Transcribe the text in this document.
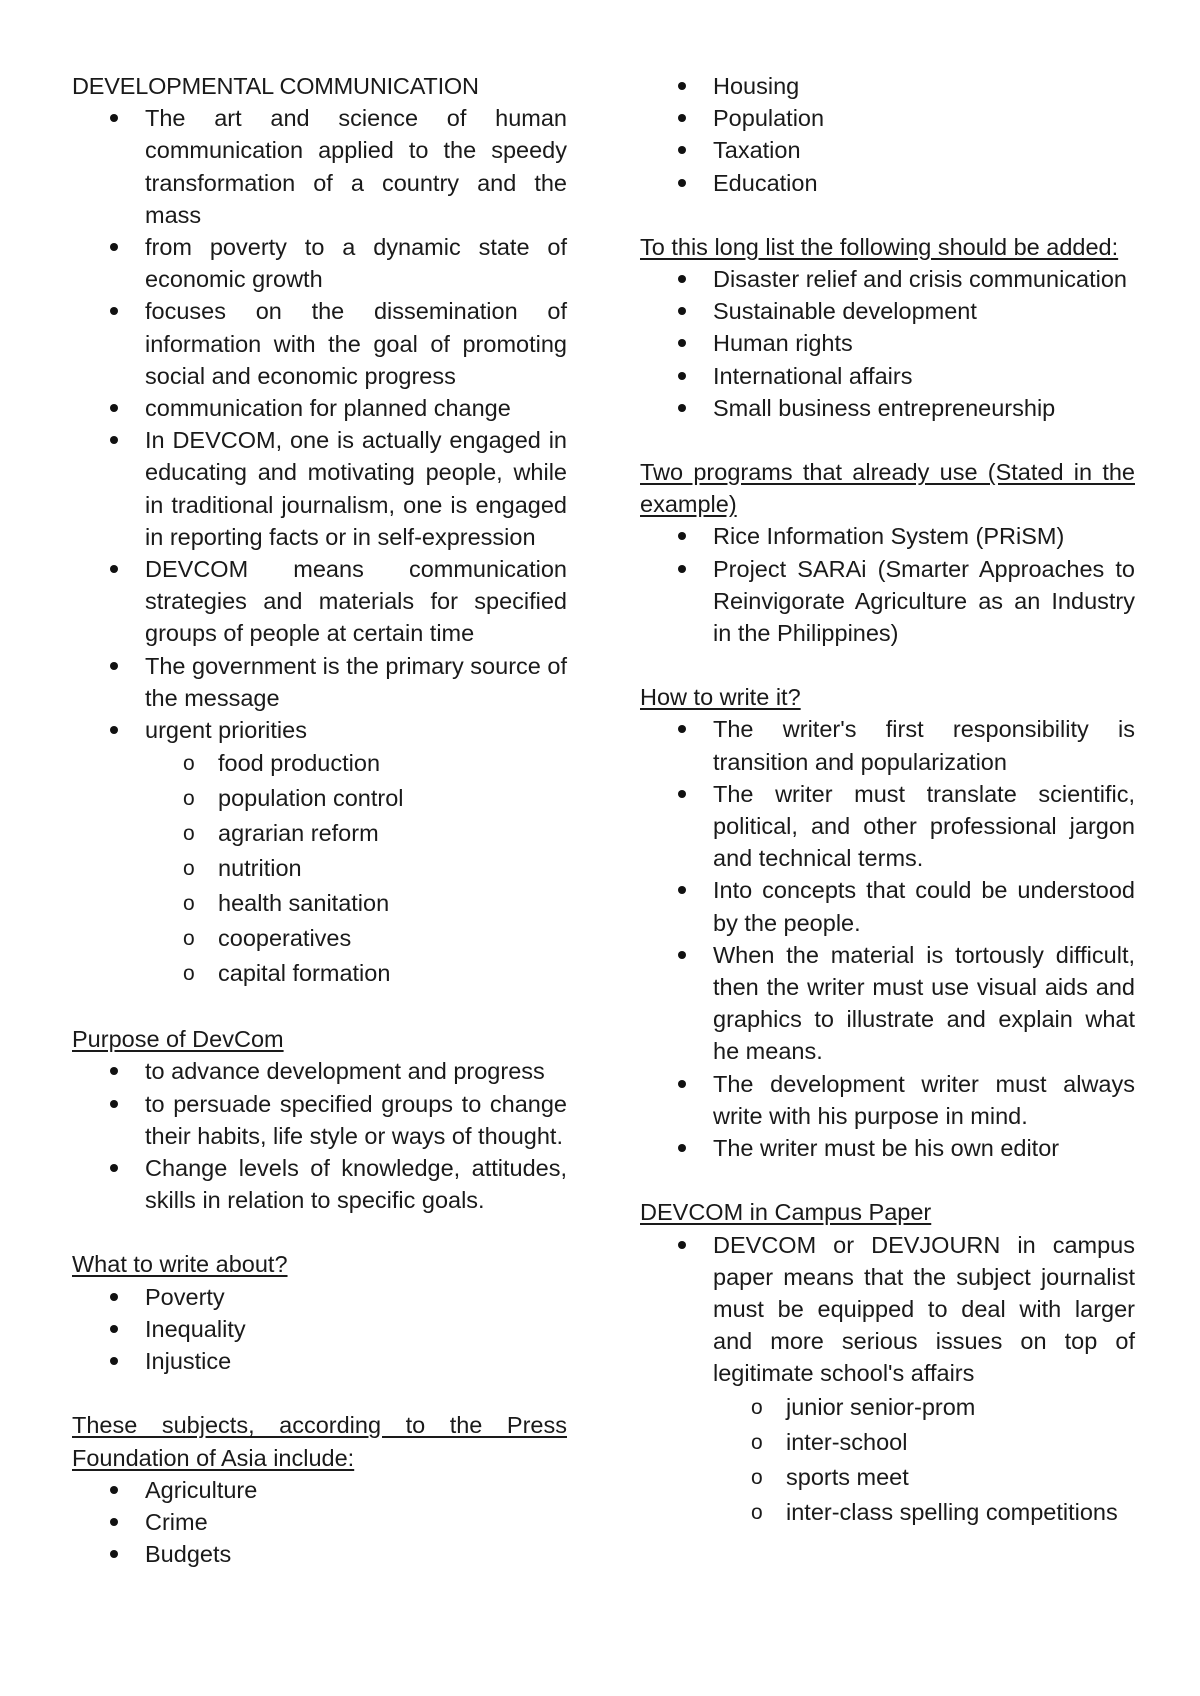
DEVELOPMENTAL COMMUNICATION

The art and science of human communication applied to the speedy transformation of a country and the mass
from poverty to a dynamic state of economic growth
focuses on the dissemination of information with the goal of promoting social and economic progress
communication for planned change
In DEVCOM, one is actually engaged in educating and motivating people, while in traditional journalism, one is engaged in reporting facts or in self-expression
DEVCOM means communication strategies and materials for specified groups of people at certain time
The government is the primary source of the message
urgent priorities
o food production
o population control
o agrarian reform
o nutrition
o health sanitation
o cooperatives
o capital formation

Purpose of DevCom

to advance development and progress
to persuade specified groups to change their habits, life style or ways of thought.
Change levels of knowledge, attitudes, skills in relation to specific goals.

What to write about?

Poverty
Inequality
Injustice

These subjects, according to the Press Foundation of Asia include:

Agriculture
Crime
Budgets
Housing
Population
Taxation
Education

To this long list the following should be added:

Disaster relief and crisis communication
Sustainable development
Human rights
International affairs
Small business entrepreneurship

Two programs that already use (Stated in the example)

Rice Information System (PRiSM)
Project SARAi (Smarter Approaches to Reinvigorate Agriculture as an Industry in the Philippines)

How to write it?

The writer's first responsibility is transition and popularization
The writer must translate scientific, political, and other professional jargon and technical terms.
Into concepts that could be understood by the people.
When the material is tortously difficult, then the writer must use visual aids and graphics to illustrate and explain what he means.
The development writer must always write with his purpose in mind.
The writer must be his own editor

DEVCOM in Campus Paper

DEVCOM or DEVJOURN in campus paper means that the subject journalist must be equipped to deal with larger and more serious issues on top of legitimate school's affairs
o junior senior-prom
o inter-school
o sports meet
o inter-class spelling competitions
